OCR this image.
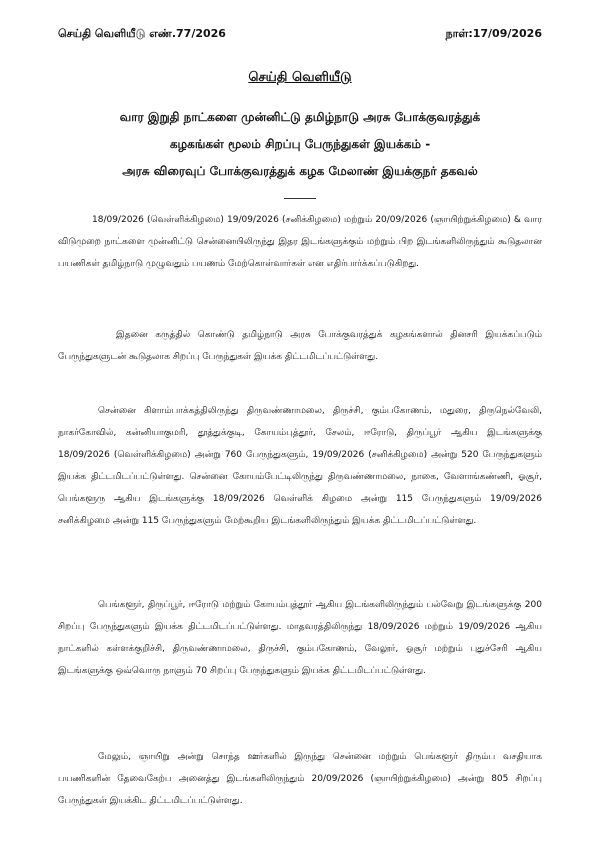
செய்தி வெளியீடு எண்.77/2026	நாள்:17/09/2026
செய்தி வெளியீடு
வார இறுதி நாட்களை முன்னிட்டு தமிழ்நாடு அரசு போக்குவரத்துக்
கழகங்கள் மூலம் சிறப்பு பேருந்துகள் இயக்கம் -
அரசு விரைவுப் போக்குவரத்துக் கழக மேலாண் இயக்குநர் தகவல்
18/09/2026 (வெள்ளிக்கிழமை) 19/09/2026 (சனிக்கிழமை) மற்றும் 20/09/2026 (ஞாயிற்றுக்கிழமை) & வார விடுமுறை நாட்களை முன்னிட்டு சென்னையிலிருந்து இதர இடங்களுக்கும் மற்றும் பிற இடங்களிலிருந்தும் கூடுதலான பயணிகள் தமிழ்நாடு முழுவதும் பயணம் மேற்கொள்வார்கள் என எதிர்பார்க்கப்படுகிறது.
இதனை கருத்தில் கொண்டு தமிழ்நாடு அரசு போக்குவரத்துக் கழகங்களால் தினசரி இயக்கப்படும் பேருந்துகளுடன் கூடுதலாக சிறப்பு பேருந்துகள் இயக்க திட்டமிடப்பட்டுள்ளது.
சென்னை கிளாம்பாக்கத்திலிருந்து திருவண்ணாமலை, திருச்சி, கும்பகோணம், மதுரை, திருநெல்வேலி, நாகர்கோவில், கன்னியாகுமரி, தூத்துக்குடி, கோயம்புத்தூர், சேலம், ஈரோடு, திருப்பூர் ஆகிய இடங்களுக்கு 18/09/2026 (வெள்ளிக்கிழமை) அன்று 760 பேருந்துகளும், 19/09/2026 (சனிக்கிழமை) அன்று 520 பேருந்துகளும் இயக்க திட்டமிடப்பட்டுள்ளது. சென்னை கோயம்பேட்டிலிருந்து திருவண்ணாமலை, நாகை, வேளாங்கண்ணி, ஓசூர், பெங்களூரு ஆகிய இடங்களுக்கு 18/09/2026 வெள்ளிக் கிழமை அன்று 115 பேருந்துகளும் 19/09/2026 சனிக்கிழமை அன்று 115 பேருந்துகளும் மேற்கூறிய இடங்களிலிருந்தும் இயக்க திட்டமிடப்பட்டுள்ளது.
பெங்களூர், திருப்பூர், ஈரோடு மற்றும் கோயம்புத்தூர் ஆகிய இடங்களிலிருந்தும் பல்வேறு இடங்களுக்கு 200 சிறப்பு பேருந்துகளும் இயக்க திட்டமிடப்பட்டுள்ளது. மாதவரத்திலிருந்து 18/09/2026 மற்றும் 19/09/2026 ஆகிய நாட்களில் கள்ளக்குறிச்சி, திருவண்ணாமலை, திருச்சி, கும்பகோணம், வேலூர், ஓசூர் மற்றும் புதுச்சேரி ஆகிய இடங்களுக்கு ஒவ்வொரு நாளும் 70 சிறப்பு பேருந்துகளும் இயக்க திட்டமிடப்பட்டுள்ளது.
மேலும், ஞாயிறு அன்று சொந்த ஊர்களில் இருந்து சென்னை மற்றும் பெங்களூர் திரும்ப வசதியாக பயணிகளின் தேவைகேற்ப அனைத்து இடங்களிலிருந்தும் 20/09/2026 (ஞாயிற்றுக்கிழமை) அன்று 805 சிறப்பு பேருந்துகள் இயக்கிட திட்டமிடப்பட்டுள்ளது.
